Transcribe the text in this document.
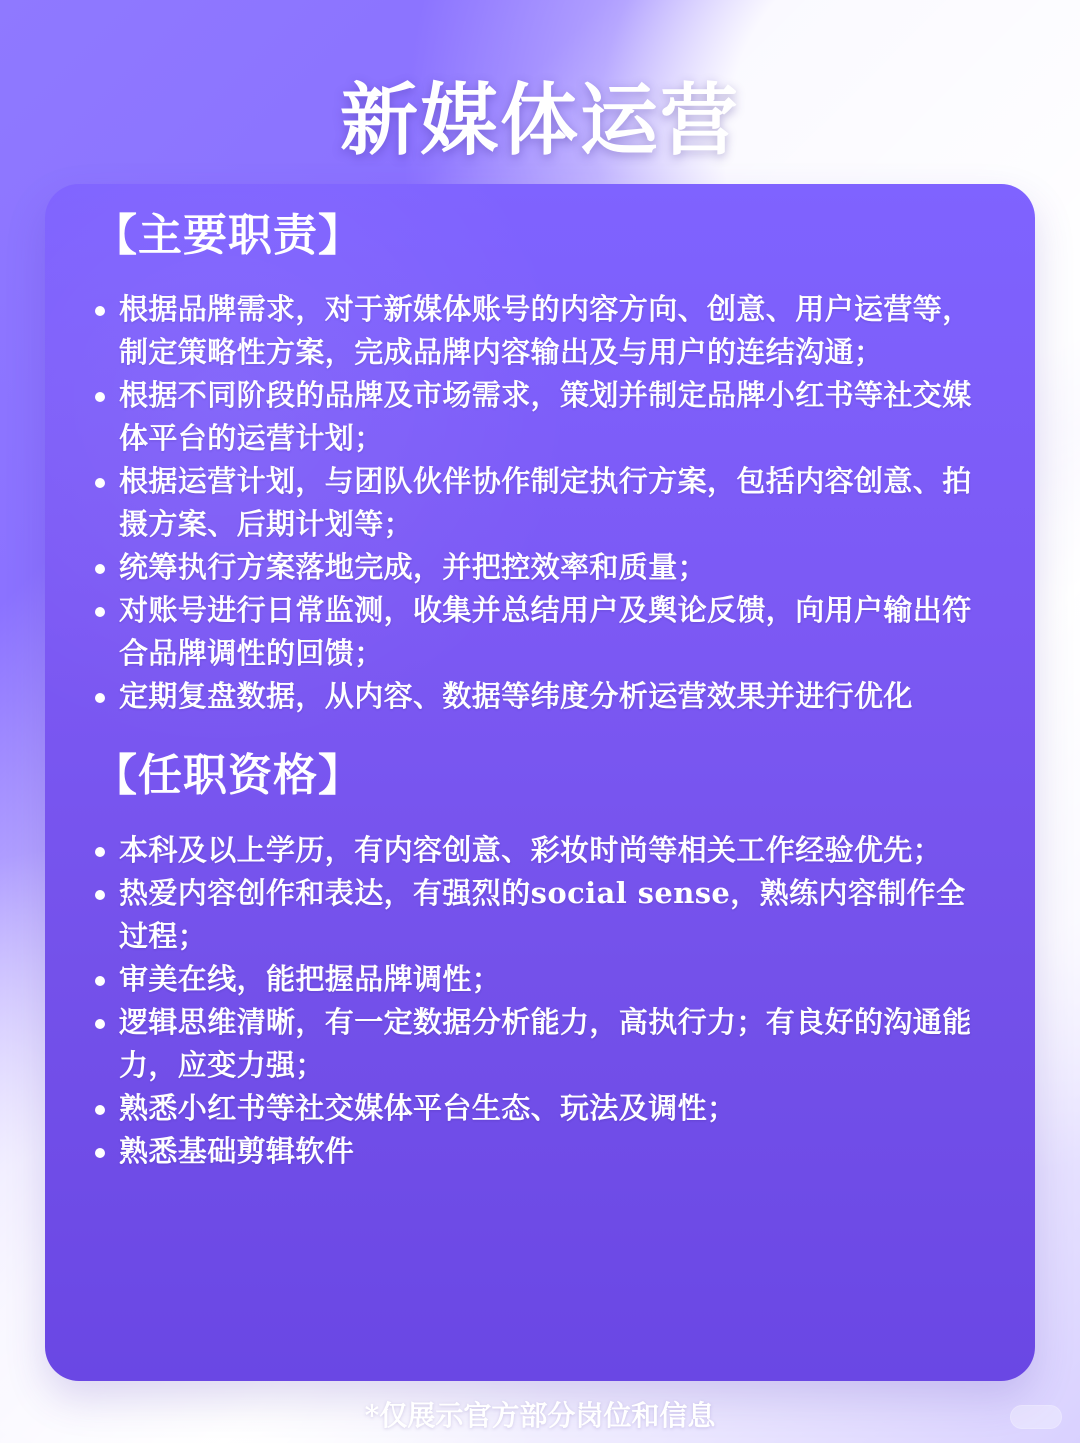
新媒体运营
【主要职责】
根据品牌需求，对于新媒体账号的内容方向、创意、用户运营等，制定策略性方案，完成品牌内容输出及与用户的连结沟通；
根据不同阶段的品牌及市场需求，策划并制定品牌小红书等社交媒体平台的运营计划；
根据运营计划，与团队伙伴协作制定执行方案，包括内容创意、拍摄方案、后期计划等；
统筹执行方案落地完成，并把控效率和质量；
对账号进行日常监测，收集并总结用户及舆论反馈，向用户输出符合品牌调性的回馈；
定期复盘数据，从内容、数据等纬度分析运营效果并进行优化
【任职资格】
本科及以上学历，有内容创意、彩妆时尚等相关工作经验优先；
热爱内容创作和表达，有强烈的social sense，熟练内容制作全过程；
审美在线，能把握品牌调性；
逻辑思维清晰，有一定数据分析能力，高执行力；有良好的沟通能力，应变力强；
熟悉小红书等社交媒体平台生态、玩法及调性；
熟悉基础剪辑软件
*仅展示官方部分岗位和信息
